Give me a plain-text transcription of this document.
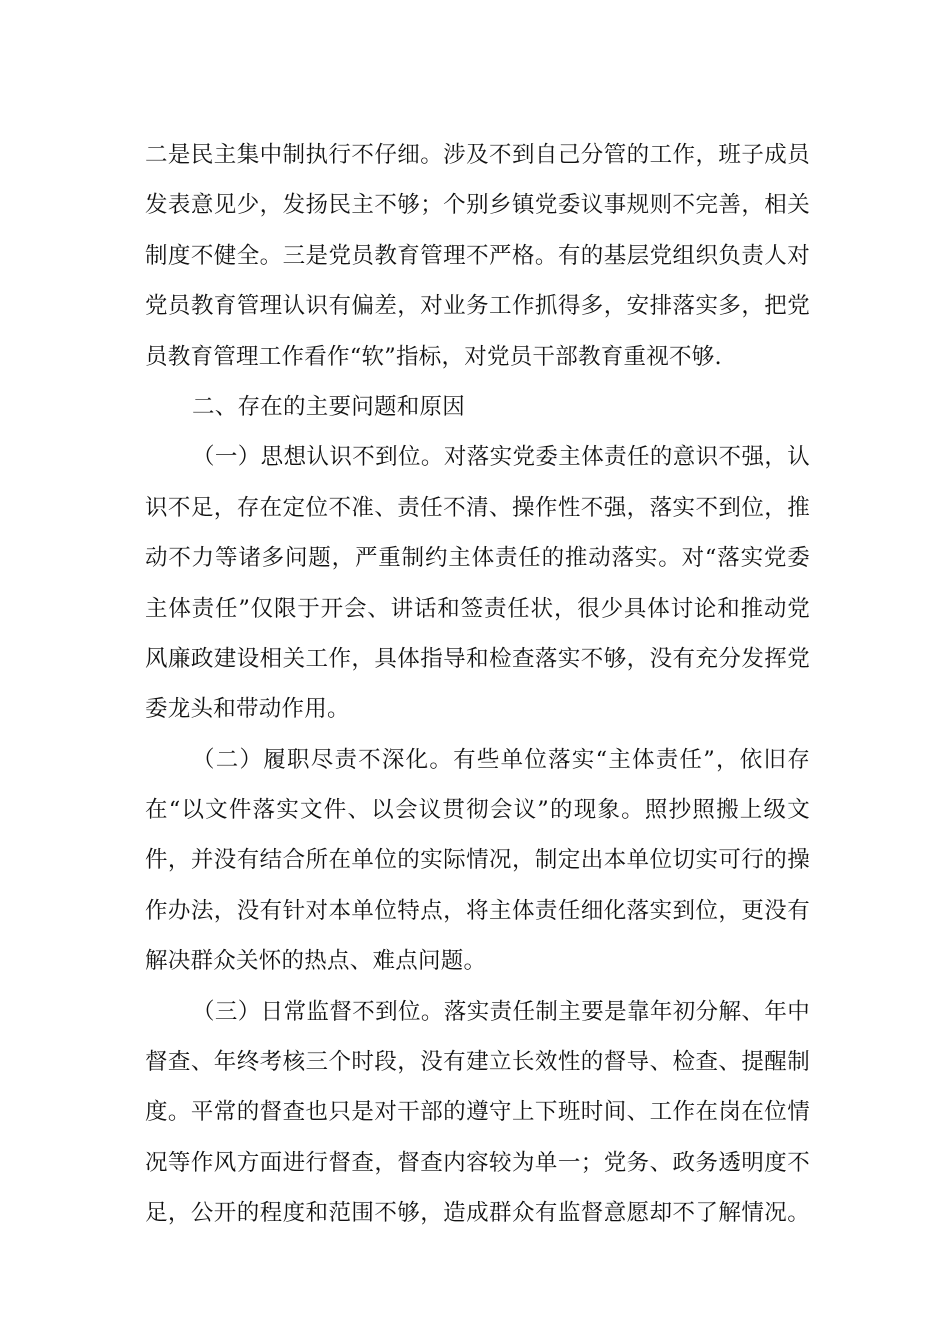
二是民主集中制执行不仔细。涉及不到自己分管的工作，班子成员
发表意见少，发扬民主不够；个别乡镇党委议事规则不完善，相关
制度不健全。三是党员教育管理不严格。有的基层党组织负责人对
党员教育管理认识有偏差，对业务工作抓得多，安排落实多，把党
员教育管理工作看作“软”指标，对党员干部教育重视不够.
二、存在的主要问题和原因
（一）思想认识不到位。对落实党委主体责任的意识不强，认
识不足，存在定位不准、责任不清、操作性不强，落实不到位，推
动不力等诸多问题，严重制约主体责任的推动落实。对“落实党委
主体责任”仅限于开会、讲话和签责任状，很少具体讨论和推动党
风廉政建设相关工作，具体指导和检查落实不够，没有充分发挥党
委龙头和带动作用。
（二）履职尽责不深化。有些单位落实“主体责任”，依旧存
在“以文件落实文件、以会议贯彻会议”的现象。照抄照搬上级文
件，并没有结合所在单位的实际情况，制定出本单位切实可行的操
作办法，没有针对本单位特点，将主体责任细化落实到位，更没有
解决群众关怀的热点、难点问题。
（三）日常监督不到位。落实责任制主要是靠年初分解、年中
督查、年终考核三个时段，没有建立长效性的督导、检查、提醒制
度。平常的督查也只是对干部的遵守上下班时间、工作在岗在位情
况等作风方面进行督查，督查内容较为单一；党务、政务透明度不
足，公开的程度和范围不够，造成群众有监督意愿却不了解情况。
